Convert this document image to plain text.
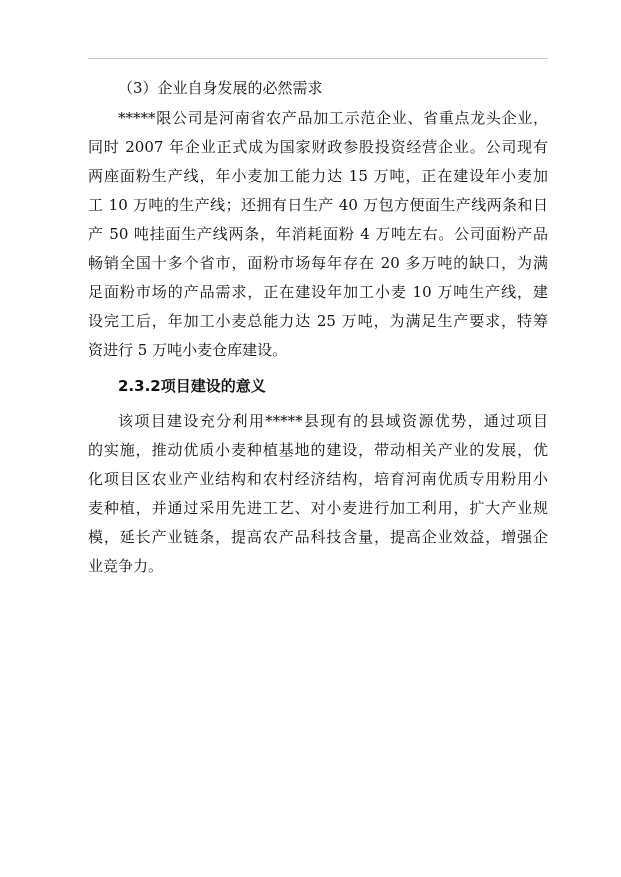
（3）企业自身发展的必然需求

*****限公司是河南省农产品加工示范企业、省重点龙头企业，
同时 2007 年企业正式成为国家财政参股投资经营企业。公司现有
两座面粉生产线，年小麦加工能力达 15 万吨，正在建设年小麦加
工 10 万吨的生产线；还拥有日生产 40 万包方便面生产线两条和日
产 50 吨挂面生产线两条，年消耗面粉 4 万吨左右。公司面粉产品
畅销全国十多个省市，面粉市场每年存在 20 多万吨的缺口，为满
足面粉市场的产品需求，正在建设年加工小麦 10 万吨生产线，建
设完工后，年加工小麦总能力达 25 万吨，为满足生产要求，特筹
资进行 5 万吨小麦仓库建设。

2.3.2项目建设的意义

该项目建设充分利用*****县现有的县域资源优势，通过项目
的实施，推动优质小麦种植基地的建设，带动相关产业的发展，优
化项目区农业产业结构和农村经济结构，培育河南优质专用粉用小
麦种植，并通过采用先进工艺、对小麦进行加工利用，扩大产业规
模，延长产业链条，提高农产品科技含量，提高企业效益，增强企
业竞争力。
